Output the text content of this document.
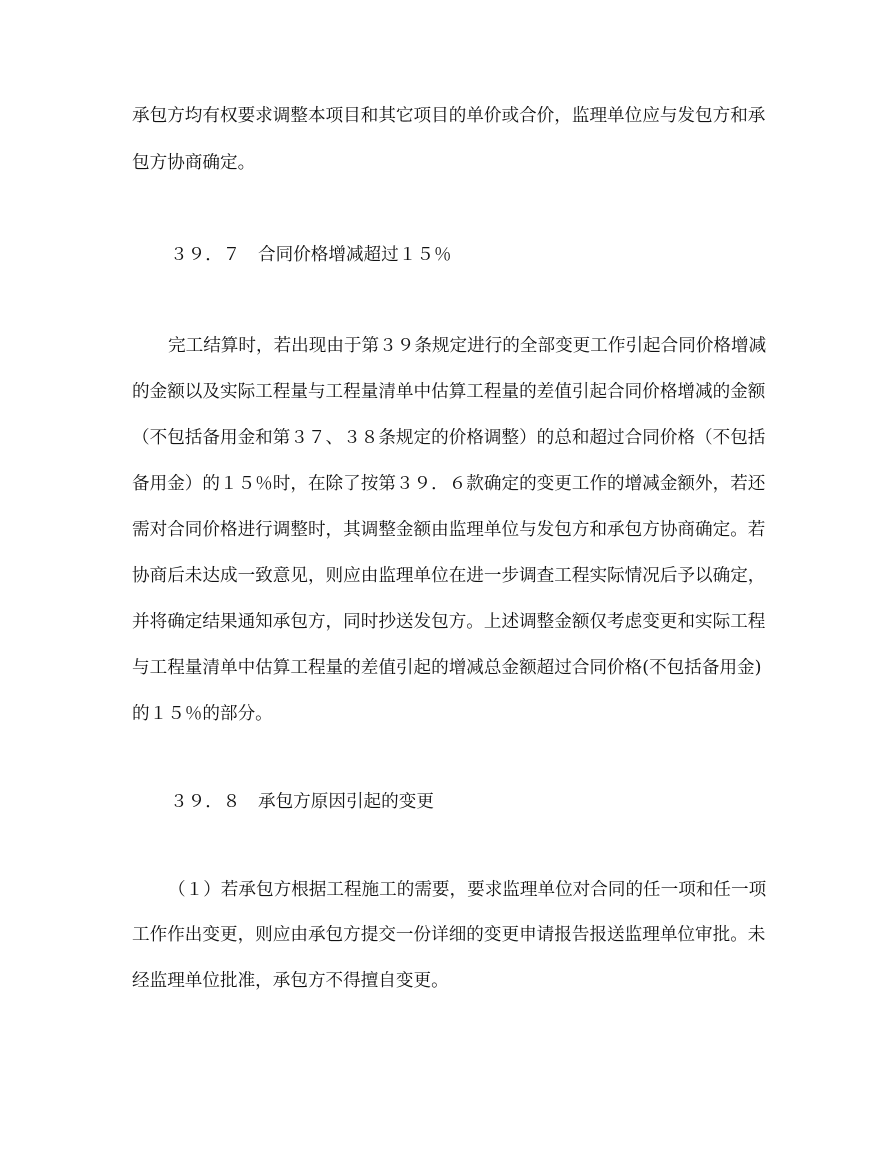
承包方均有权要求调整本项目和其它项目的单价或合价，监理单位应与发包方和承
包方协商确定。
３９．７　合同价格增减超过１５％
完工结算时，若出现由于第３９条规定进行的全部变更工作引起合同价格增减
的金额以及实际工程量与工程量清单中估算工程量的差值引起合同价格增减的金额
（不包括备用金和第３７、３８条规定的价格调整）的总和超过合同价格（不包括
备用金）的１５％时，在除了按第３９．６款确定的变更工作的增减金额外，若还
需对合同价格进行调整时，其调整金额由监理单位与发包方和承包方协商确定。若
协商后未达成一致意见，则应由监理单位在进一步调查工程实际情况后予以确定，
并将确定结果通知承包方，同时抄送发包方。上述调整金额仅考虑变更和实际工程
与工程量清单中估算工程量的差值引起的增减总金额超过合同价格(不包括备用金)
的１５％的部分。
３９．８　承包方原因引起的变更
（１）若承包方根据工程施工的需要，要求监理单位对合同的任一项和任一项
工作作出变更，则应由承包方提交一份详细的变更申请报告报送监理单位审批。未
经监理单位批准，承包方不得擅自变更。
